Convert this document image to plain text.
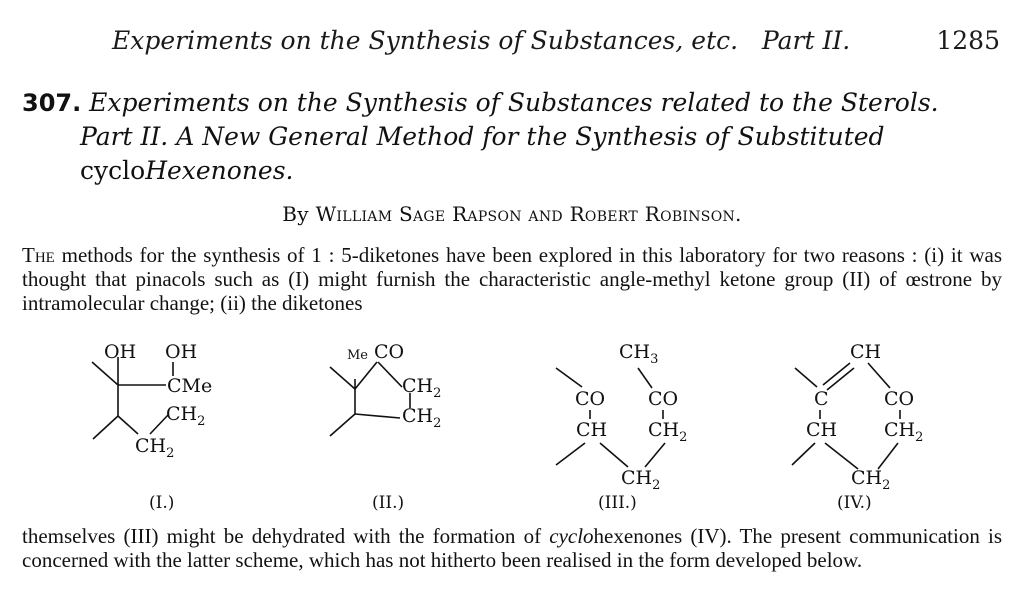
Experiments on the Synthesis of Substances, etc. Part II.	1285
307. Experiments on the Synthesis of Substances related to the Sterols.
Part II. A New General Method for the Synthesis of Substituted
cycloHexenones.
By William Sage Rapson and Robert Robinson.
The methods for the synthesis of 1 : 5-diketones have been explored in this laboratory for two reasons : (i) it was thought that pinacols such as (I) might furnish the characteristic angle-methyl ketone group (II) of œstrone by intramolecular change; (ii) the diketones
OH OH
CMe
$CH_2$
$CH_2$
(I.)
Me CO
$CH_2$
$CH_2$
(II.)
$CH_3$
CO CO
CH $CH_2$
$CH_2$
(III.)
CH
C	CO
CH $CH_2$
$CH_2$
(IV.)
themselves (III) might be dehydrated with the formation of cyclohexenones (IV). The present communication is concerned with the latter scheme, which has not hitherto been realised in the form developed below.
